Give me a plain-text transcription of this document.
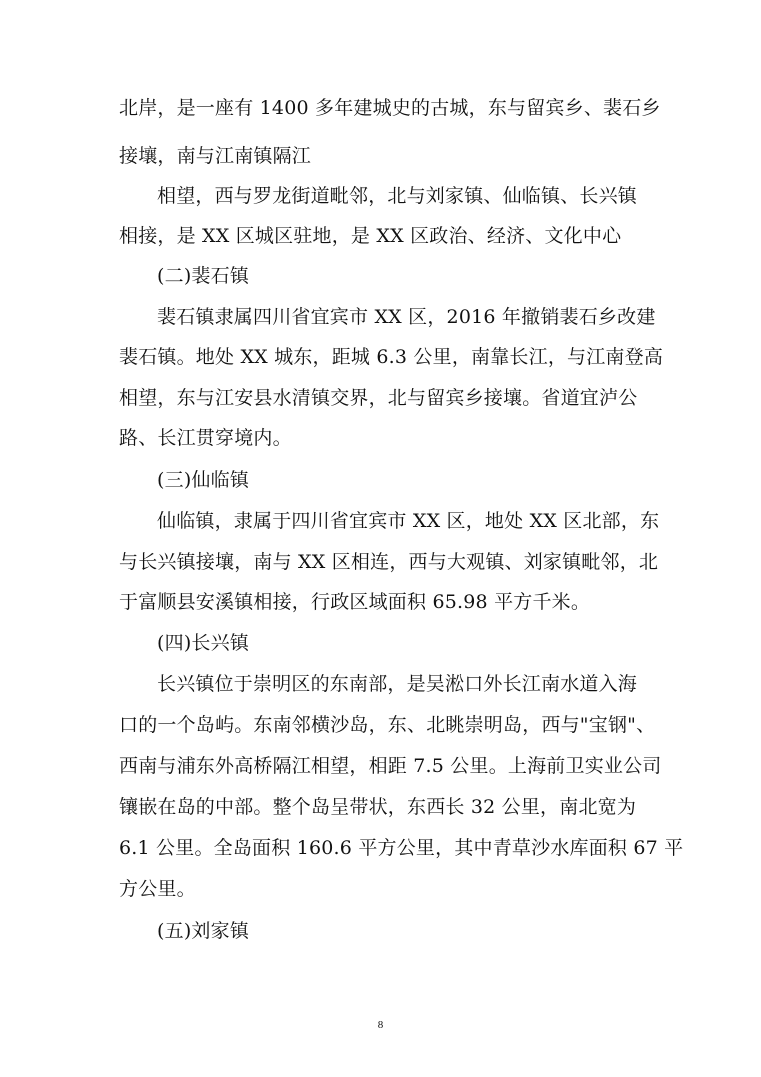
北岸，是一座有 1400 多年建城史的古城，东与留宾乡、裴石乡
接壤，南与江南镇隔江
相望，西与罗龙街道毗邻，北与刘家镇、仙临镇、长兴镇
相接，是 XX 区城区驻地，是 XX 区政治、经济、文化中心
(二)裴石镇
裴石镇隶属四川省宜宾市 XX 区，2016 年撤销裴石乡改建
裴石镇。地处 XX 城东，距城 6.3 公里，南靠长江，与江南登高
相望，东与江安县水清镇交界，北与留宾乡接壤。省道宜泸公
路、长江贯穿境内。
(三)仙临镇
仙临镇，隶属于四川省宜宾市 XX 区，地处 XX 区北部，东
与长兴镇接壤，南与 XX 区相连，西与大观镇、刘家镇毗邻，北
于富顺县安溪镇相接，行政区域面积 65.98 平方千米。
(四)长兴镇
长兴镇位于崇明区的东南部，是吴淞口外长江南水道入海
口的一个岛屿。东南邻横沙岛，东、北眺崇明岛，西与"宝钢"、
西南与浦东外高桥隔江相望，相距 7.5 公里。上海前卫实业公司
镶嵌在岛的中部。整个岛呈带状，东西长 32 公里，南北宽为
6.1 公里。全岛面积 160.6 平方公里，其中青草沙水库面积 67 平
方公里。
(五)刘家镇
8
